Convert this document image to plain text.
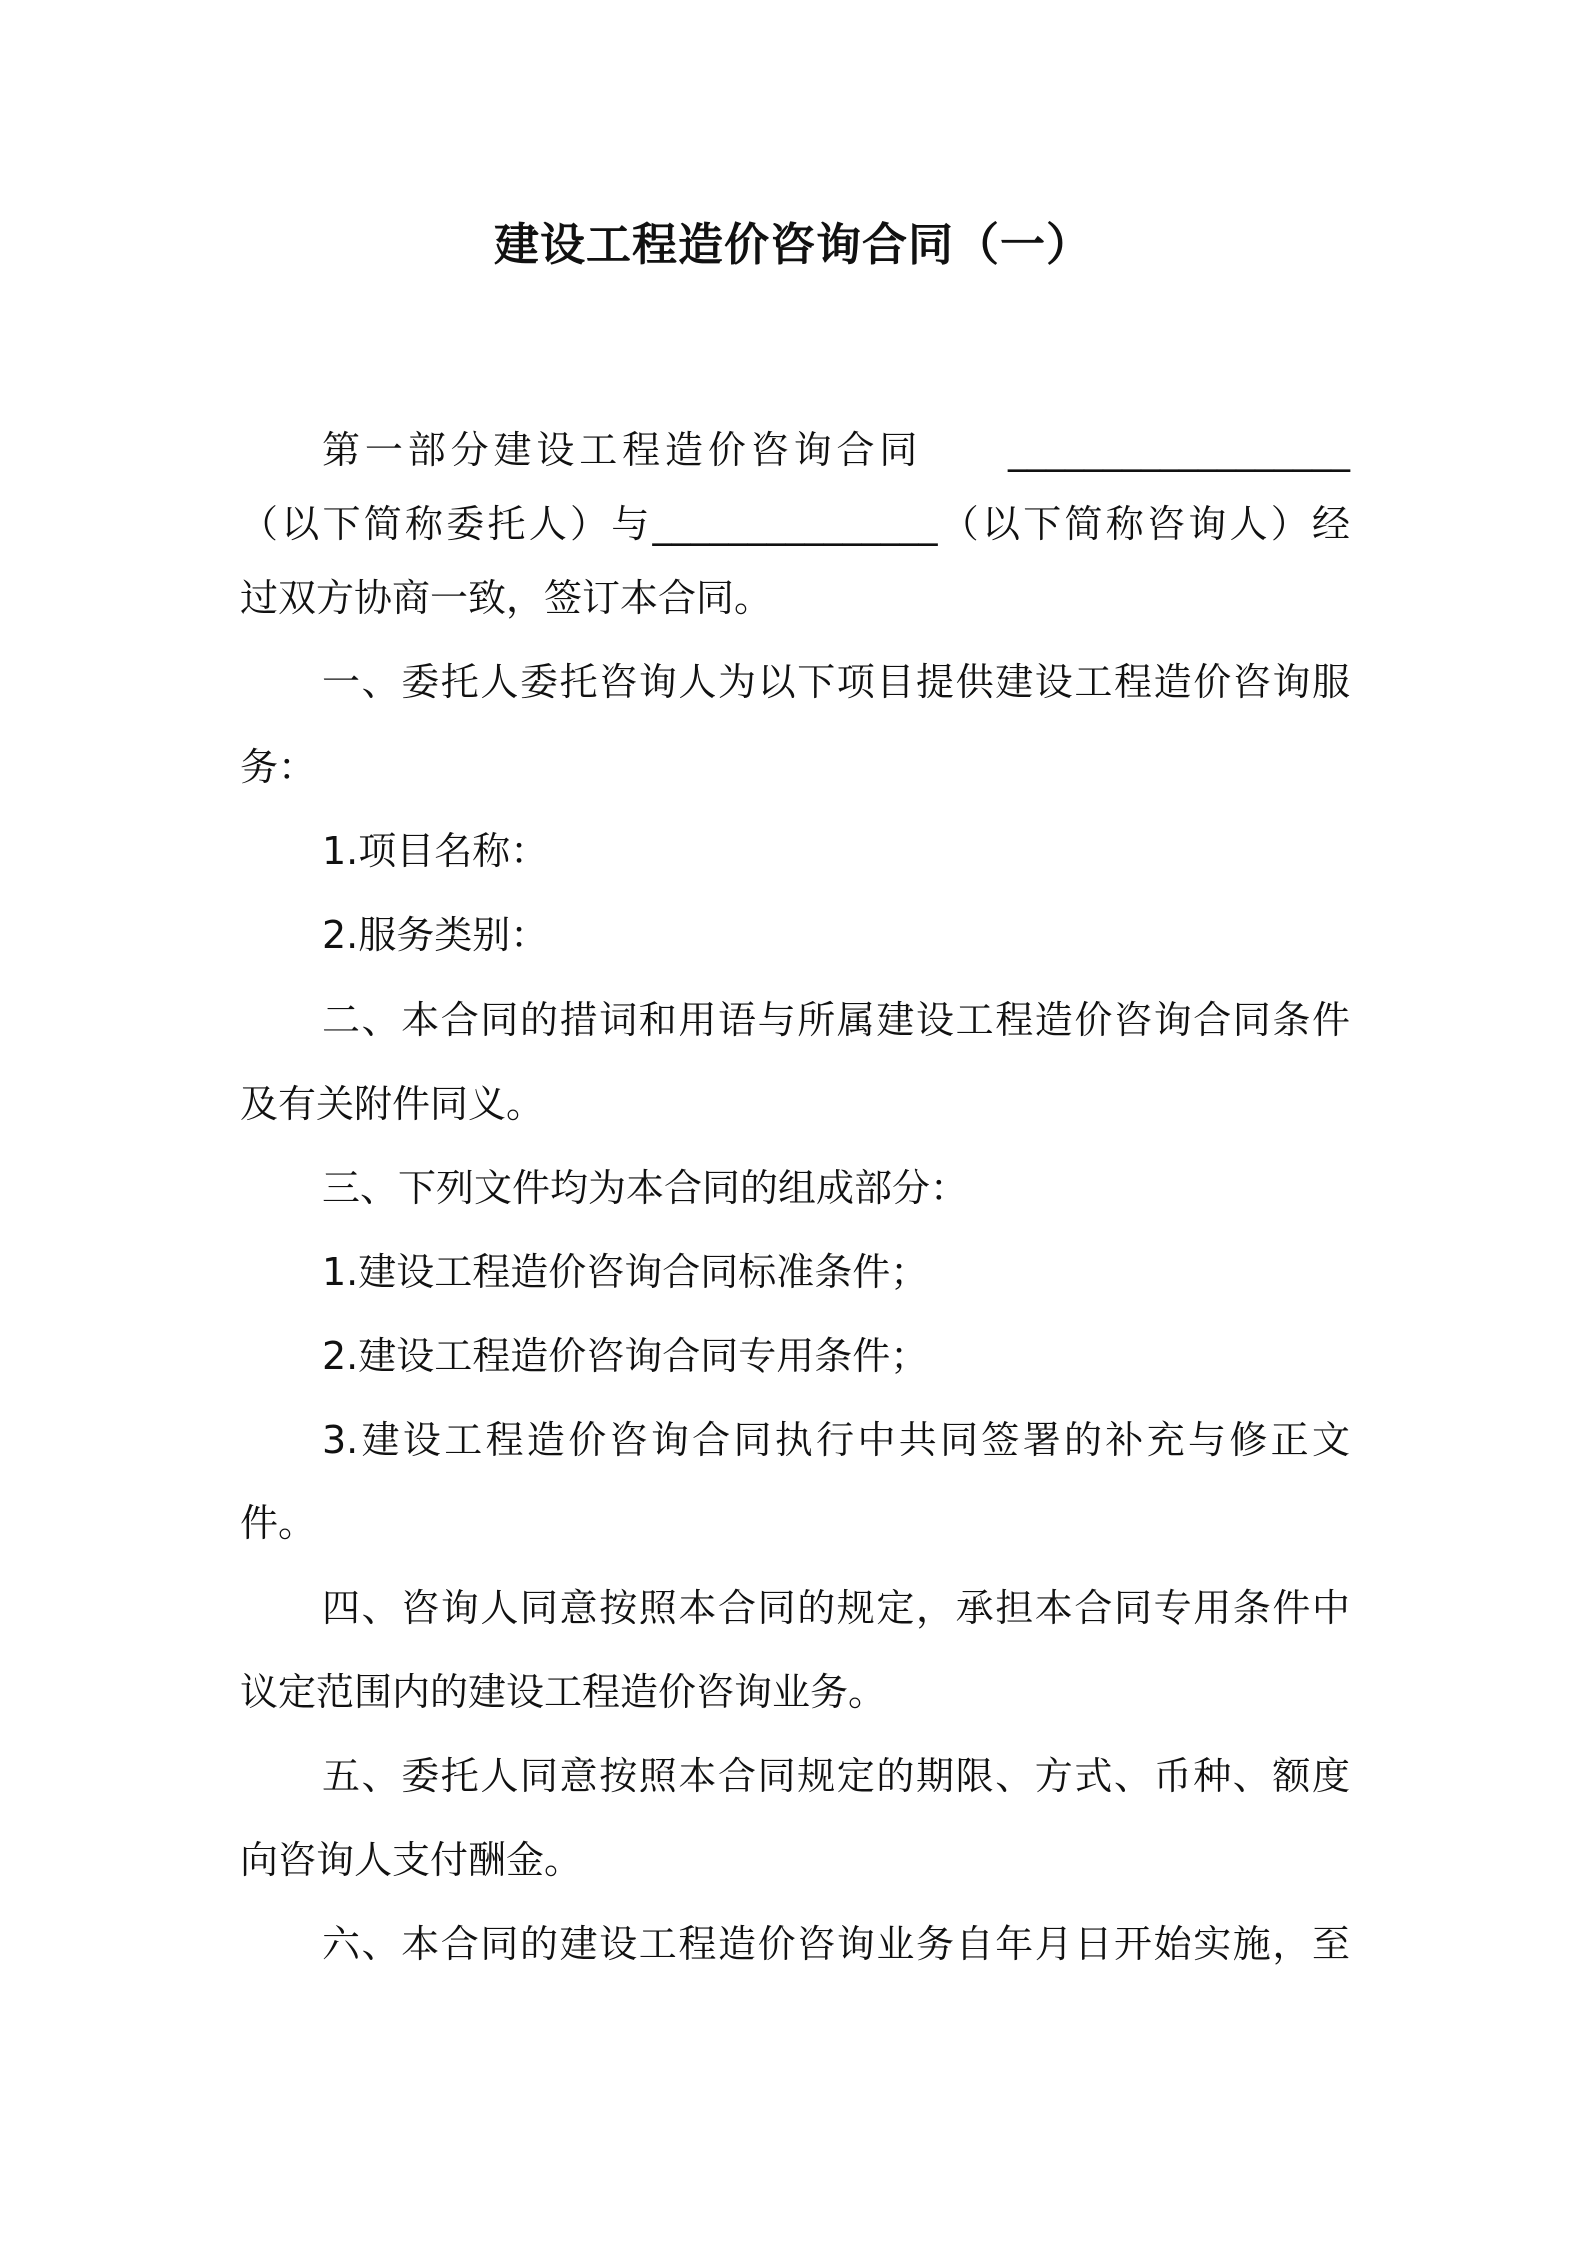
建设工程造价咨询合同（一）
第一部分建设工程造价咨询合同　　__________________
（以下简称委托人）与_______________（以下简称咨询人）经
过双方协商一致，签订本合同。
一、委托人委托咨询人为以下项目提供建设工程造价咨询服
务：
1.项目名称：
2.服务类别：
二、本合同的措词和用语与所属建设工程造价咨询合同条件
及有关附件同义。
三、下列文件均为本合同的组成部分：
1.建设工程造价咨询合同标准条件；
2.建设工程造价咨询合同专用条件；
3.建设工程造价咨询合同执行中共同签署的补充与修正文
件。
四、咨询人同意按照本合同的规定，承担本合同专用条件中
议定范围内的建设工程造价咨询业务。
五、委托人同意按照本合同规定的期限、方式、币种、额度
向咨询人支付酬金。
六、本合同的建设工程造价咨询业务自年月日开始实施，至
